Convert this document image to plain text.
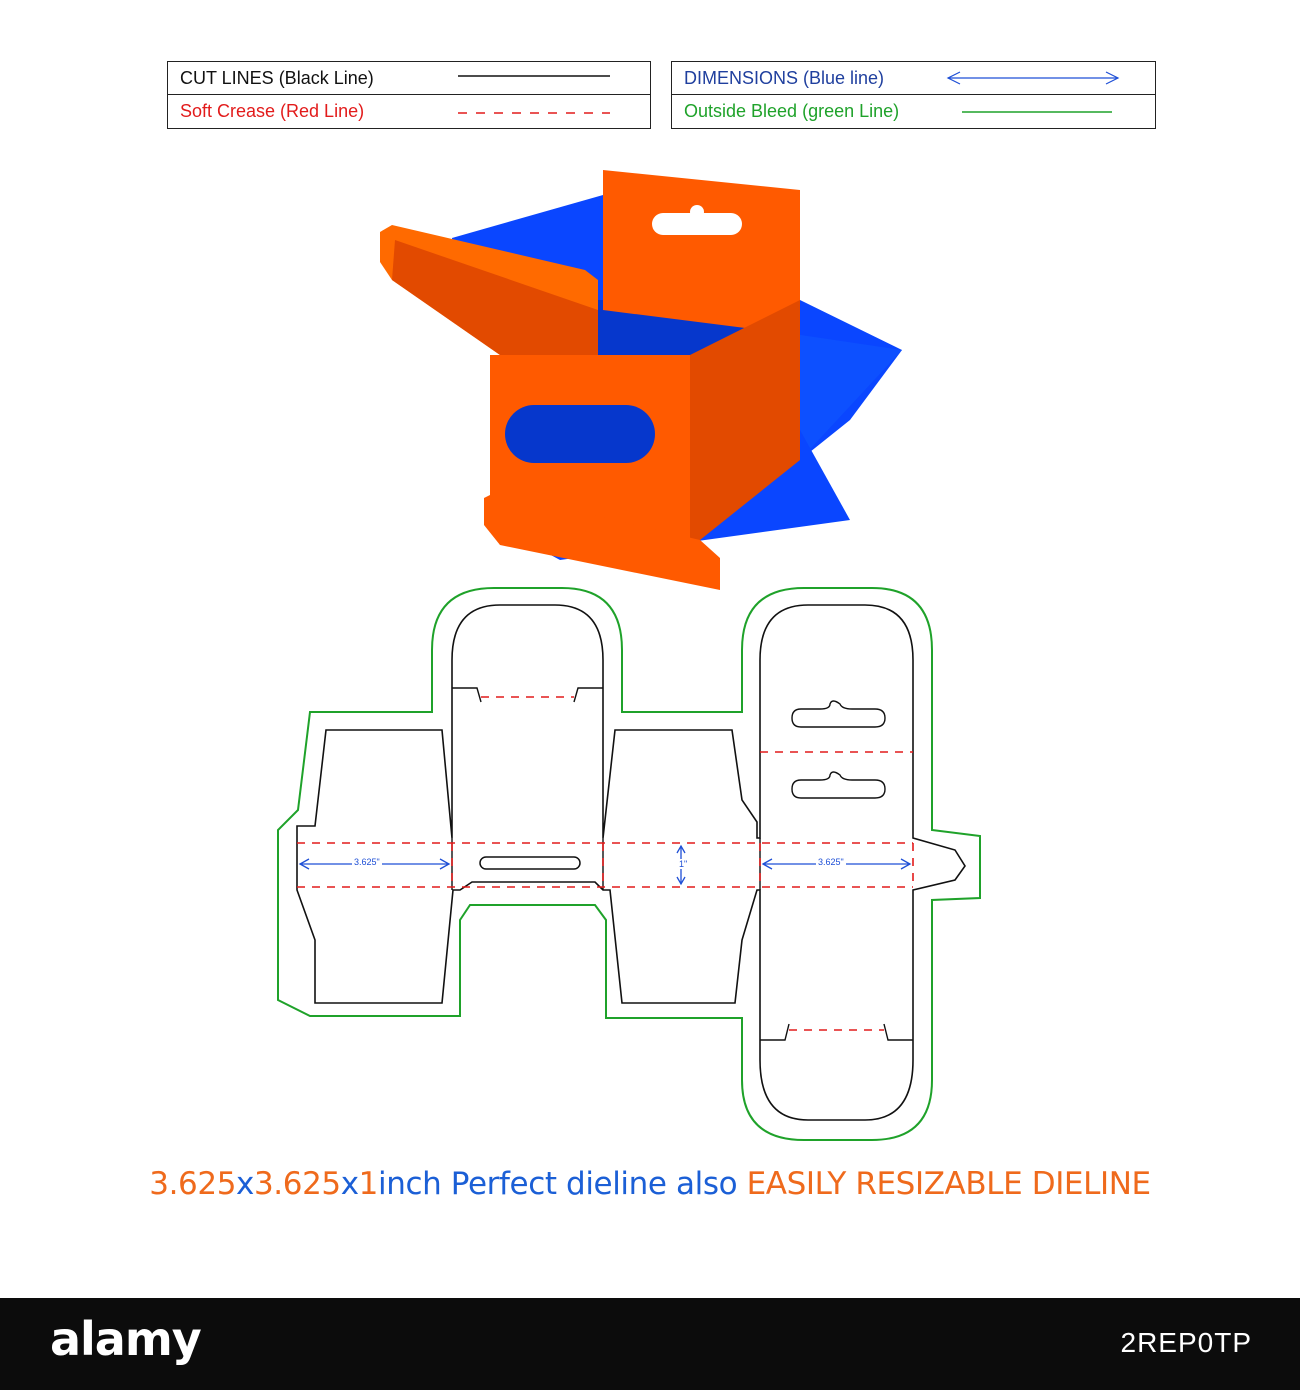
CUT LINES (Black Line)
Soft Crease (Red Line)
DIMENSIONS (Blue line)
Outside Bleed (green Line)
3.625"	3.625"
1"
3.625x3.625x1inch Perfect dieline also EASILY RESIZABLE DIELINE
alamy	2REP0TP
